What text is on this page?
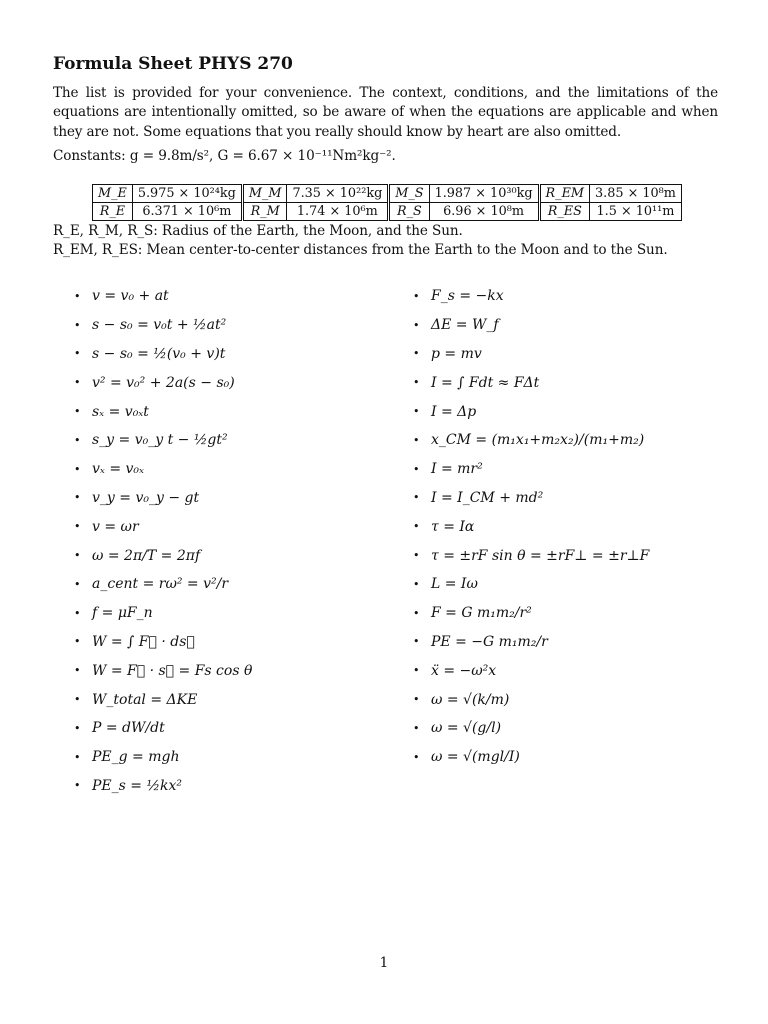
Formula Sheet PHYS 270
The list is provided for your convenience. The context, conditions, and the limitations of the equations are intentionally omitted, so be aware of when the equations are applicable and when they are not. Some equations that you really should know by heart are also omitted.
Constants: g = 9.8m/s², G = 6.67 × 10⁻¹¹Nm²kg⁻².
M_E	5.975 × 10²⁴kg	M_M	7.35 × 10²²kg	M_S	1.987 × 10³⁰kg	R_EM	3.85 × 10⁸m
R_E	6.371 × 10⁶m	R_M	1.74 × 10⁶m	R_S	6.96 × 10⁸m	R_ES	1.5 × 10¹¹m
R_E, R_M, R_S: Radius of the Earth, the Moon, and the Sun.
R_EM, R_ES: Mean center-to-center distances from the Earth to the Moon and to the Sun.
• v = v₀ + at
• s − s₀ = v₀t + ½at²
• s − s₀ = ½(v₀ + v)t
• v² = v₀² + 2a(s − s₀)
• sₓ = v₀ₓt
• s_y = v₀_y t − ½gt²
• vₓ = v₀ₓ
• v_y = v₀_y − gt
• v = ωr
• ω = 2π/T = 2πf
• a_cent = rω² = v²/r
• f = μF_n
• W = ∫ F⃗ · ds⃗
• W = F⃗ · s⃗ = Fs cos θ
• W_total = ΔKE
• P = dW/dt
• PE_g = mgh
• PE_s = ½kx²
• F_s = −kx
• ΔE = W_f
• p = mv
• I = ∫ Fdt ≈ FΔt
• I = Δp
• x_CM = (m₁x₁+m₂x₂)/(m₁+m₂)
• I = mr²
• I = I_CM + md²
• τ = Iα
• τ = ±rF sin θ = ±rF⊥ = ±r⊥F
• L = Iω
• F = G m₁m₂/r²
• PE = −G m₁m₂/r
• ẍ = −ω²x
• ω = √(k/m)
• ω = √(g/l)
• ω = √(mgl/I)
1
